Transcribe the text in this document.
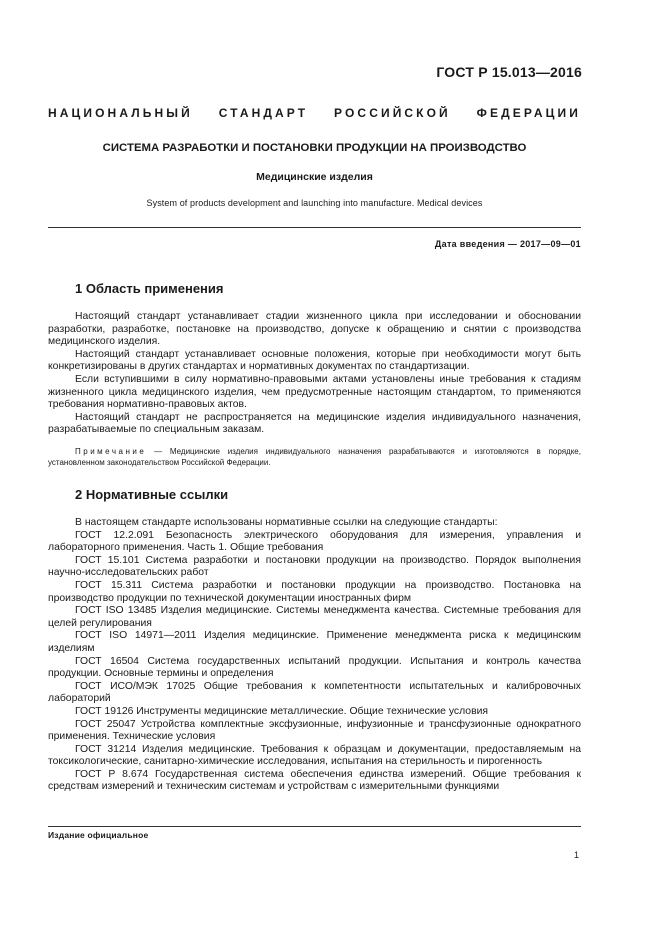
ГОСТ Р 15.013—2016
НАЦИОНАЛЬНЫЙ СТАНДАРТ РОССИЙСКОЙ ФЕДЕРАЦИИ
СИСТЕМА РАЗРАБОТКИ И ПОСТАНОВКИ ПРОДУКЦИИ НА ПРОИЗВОДСТВО
Медицинские изделия
System of products development and launching into manufacture. Medical devices
Дата введения — 2017—09—01
1 Область применения

Настоящий стандарт устанавливает стадии жизненного цикла при исследовании и обосновании разработки, разработке, постановке на производство, допуске к обращению и снятии с производства медицинского изделия.

Настоящий стандарт устанавливает основные положения, которые при необходимости могут быть конкретизированы в других стандартах и нормативных документах по стандартизации.

Если вступившими в силу нормативно-правовыми актами установлены иные требования к стадиям жизненного цикла медицинского изделия, чем предусмотренные настоящим стандартом, то применяются требования нормативно-правовых актов.

Настоящий стандарт не распространяется на медицинские изделия индивидуального назначения, разрабатываемые по специальным заказам.

Примечание — Медицинские изделия индивидуального назначения разрабатываются и изготовляются в порядке, установленном законодательством Российской Федерации.

2 Нормативные ссылки

В настоящем стандарте использованы нормативные ссылки на следующие стандарты:

ГОСТ 12.2.091 Безопасность электрического оборудования для измерения, управления и лабораторного применения. Часть 1. Общие требования

ГОСТ 15.101 Система разработки и постановки продукции на производство. Порядок выполнения научно-исследовательских работ

ГОСТ 15.311 Система разработки и постановки продукции на производство. Постановка на производство продукции по технической документации иностранных фирм

ГОСТ ISO 13485 Изделия медицинские. Системы менеджмента качества. Системные требования для целей регулирования

ГОСТ ISO 14971—2011 Изделия медицинские. Применение менеджмента риска к медицинским изделиям

ГОСТ 16504 Система государственных испытаний продукции. Испытания и контроль качества продукции. Основные термины и определения

ГОСТ ИСО/МЭК 17025 Общие требования к компетентности испытательных и калибровочных лабораторий

ГОСТ 19126 Инструменты медицинские металлические. Общие технические условия

ГОСТ 25047 Устройства комплектные эксфузионные, инфузионные и трансфузионные однократного применения. Технические условия

ГОСТ 31214 Изделия медицинские. Требования к образцам и документации, предоставляемым на токсикологические, санитарно-химические исследования, испытания на стерильность и пирогенность

ГОСТ Р 8.674 Государственная система обеспечения единства измерений. Общие требования к средствам измерений и техническим системам и устройствам с измерительными функциями

Издание официальное
1
